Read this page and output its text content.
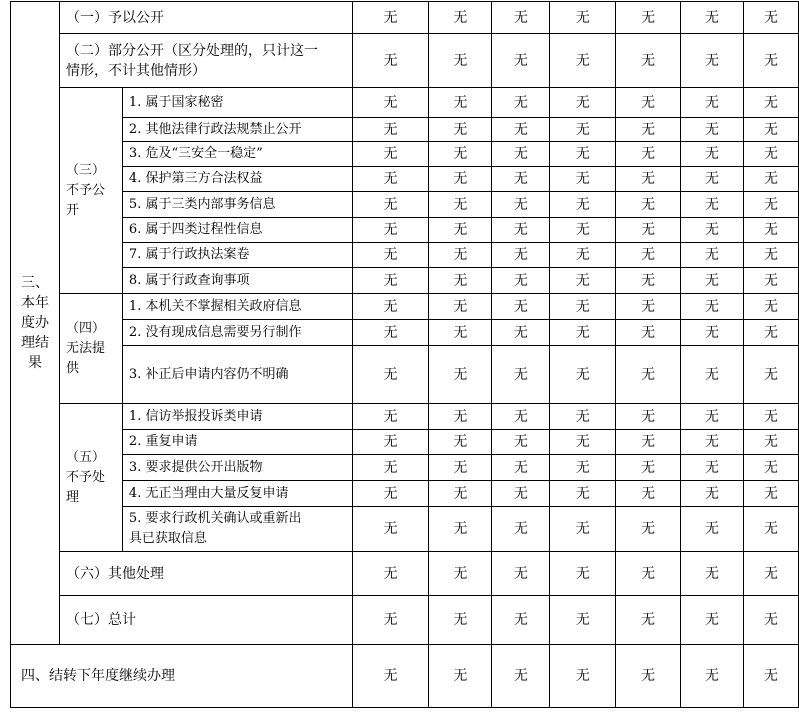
三、
本年
度办
理结
果	（一）予以公开		无	无	无	无	无	无	无

	（二）部分公开（区分处理的，只计这一
情形，不计其他情形）		无	无	无	无	无	无	无

	（三）
不予公
开	1. 属于国家秘密	无	无	无	无	无	无	无
		2. 其他法律行政法规禁止公开	无	无	无	无	无	无	无
		3. 危及“三安全一稳定”	无	无	无	无	无	无	无
		4. 保护第三方合法权益	无	无	无	无	无	无	无
		5. 属于三类内部事务信息	无	无	无	无	无	无	无
		6. 属于四类过程性信息	无	无	无	无	无	无	无
		7. 属于行政执法案卷	无	无	无	无	无	无	无
		8. 属于行政查询事项	无	无	无	无	无	无	无

	（四）
无法提
供	1. 本机关不掌握相关政府信息	无	无	无	无	无	无	无
		2. 没有现成信息需要另行制作	无	无	无	无	无	无	无
		3. 补正后申请内容仍不明确	无	无	无	无	无	无	无

	（五）
不予处
理	1. 信访举报投诉类申请	无	无	无	无	无	无	无
		2. 重复申请	无	无	无	无	无	无	无
		3. 要求提供公开出版物	无	无	无	无	无	无	无
		4. 无正当理由大量反复申请	无	无	无	无	无	无	无

		5. 要求行政机关确认或重新出
具已获取信息	无	无	无	无	无	无	无
	（六）其他处理		无	无	无	无	无	无	无
	（七）总计		无	无	无	无	无	无	无
四、结转下年度继续办理			无	无	无	无	无	无	无
